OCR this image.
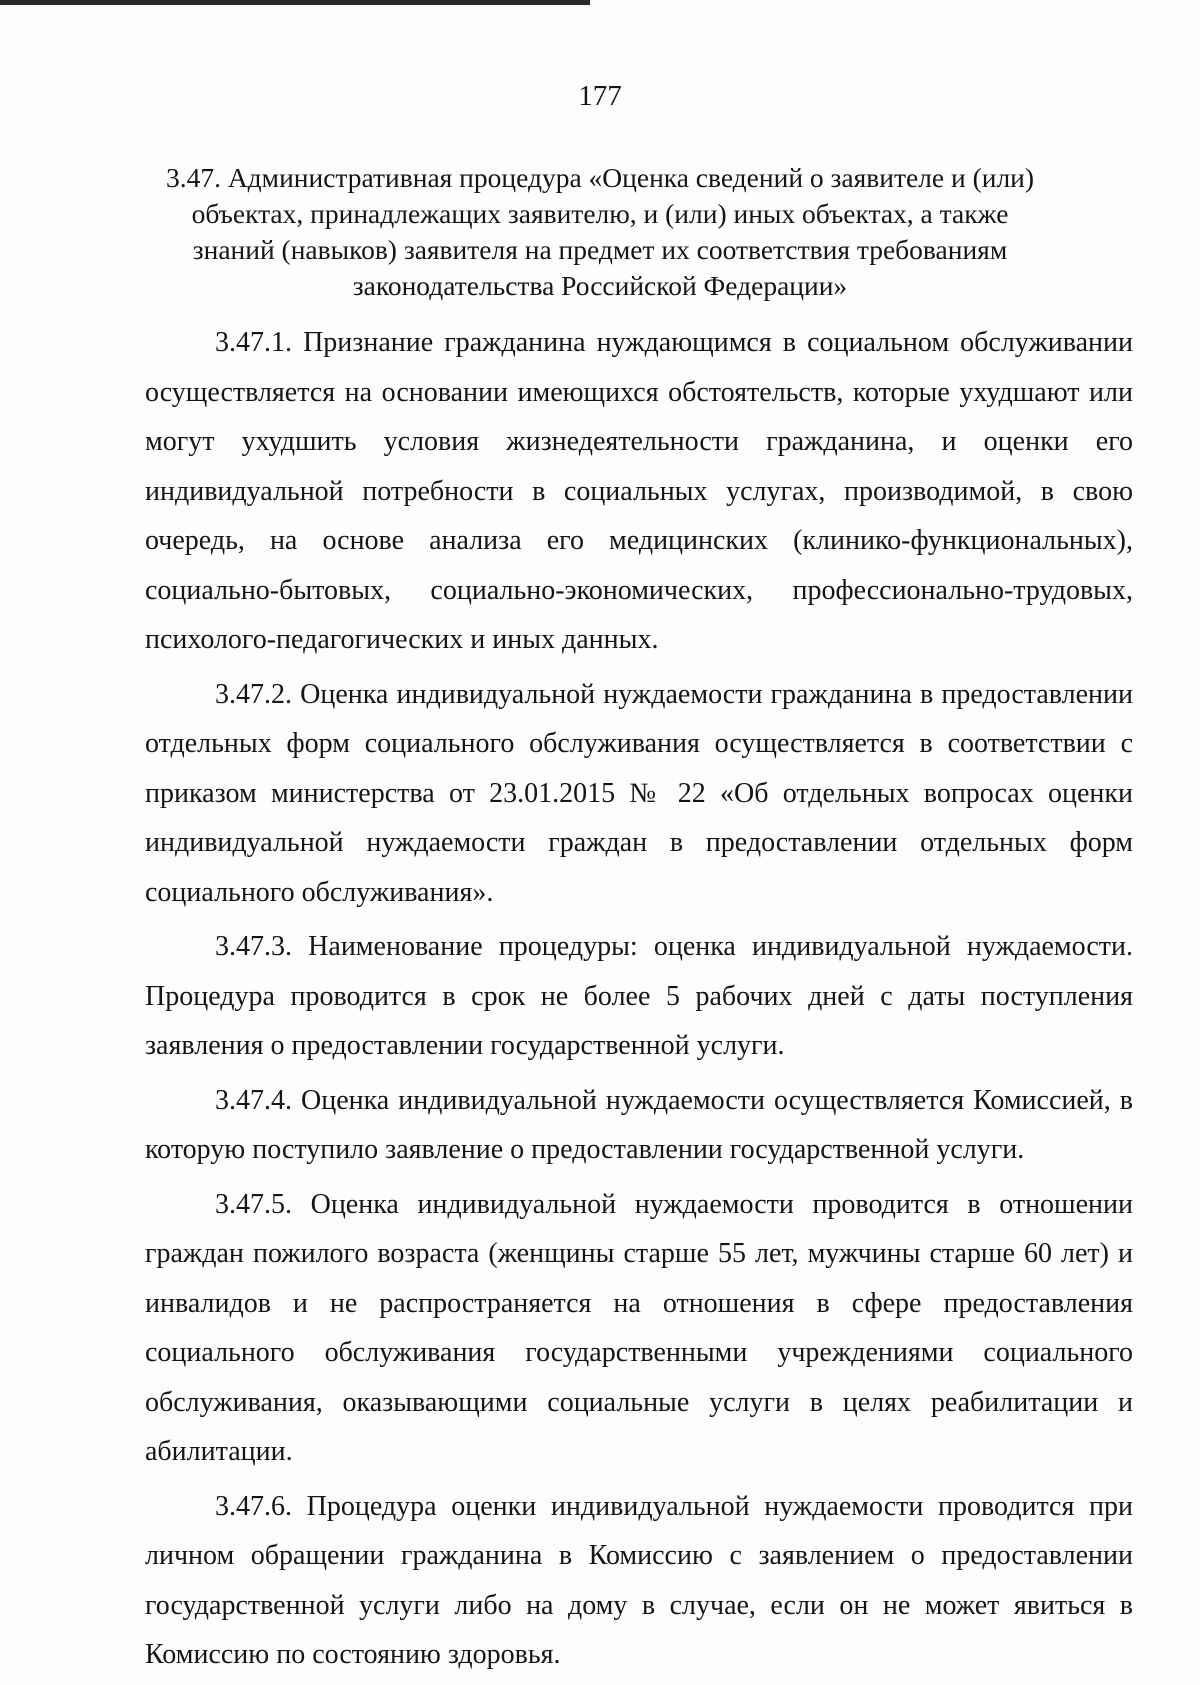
177
3.47. Административная процедура «Оценка сведений о заявителе и (или) объектах, принадлежащих заявителю, и (или) иных объектах, а также знаний (навыков) заявителя на предмет их соответствия требованиям законодательства Российской Федерации»

3.47.1. Признание гражданина нуждающимся в социальном обслуживании осуществляется на основании имеющихся обстоятельств, которые ухудшают или могут ухудшить условия жизнедеятельности гражданина, и оценки его индивидуальной потребности в социальных услугах, производимой, в свою очередь, на основе анализа его медицинских (клинико-функциональных), социально-бытовых, социально-экономических, профессионально-трудовых, психолого-педагогических и иных данных.

3.47.2. Оценка индивидуальной нуждаемости гражданина в предоставлении отдельных форм социального обслуживания осуществляется в соответствии с приказом министерства от 23.01.2015 № 22 «Об отдельных вопросах оценки индивидуальной нуждаемости граждан в предоставлении отдельных форм социального обслуживания».

3.47.3. Наименование процедуры: оценка индивидуальной нуждаемости. Процедура проводится в срок не более 5 рабочих дней с даты поступления заявления о предоставлении государственной услуги.

3.47.4. Оценка индивидуальной нуждаемости осуществляется Комиссией, в которую поступило заявление о предоставлении государственной услуги.

3.47.5. Оценка индивидуальной нуждаемости проводится в отношении граждан пожилого возраста (женщины старше 55 лет, мужчины старше 60 лет) и инвалидов и не распространяется на отношения в сфере предоставления социального обслуживания государственными учреждениями социального обслуживания, оказывающими социальные услуги в целях реабилитации и абилитации.

3.47.6. Процедура оценки индивидуальной нуждаемости проводится при личном обращении гражданина в Комиссию с заявлением о предоставлении государственной услуги либо на дому в случае, если он не может явиться в Комиссию по состоянию здоровья.
